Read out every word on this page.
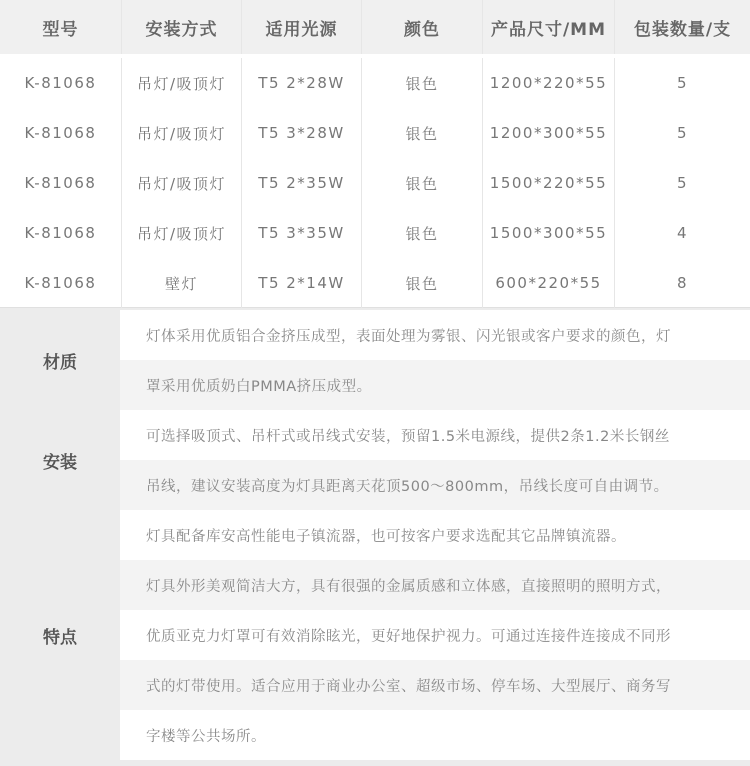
型号	安装方式	适用光源	颜色	产品尺寸/MM	包装数量/支
K-81068	吊灯/吸顶灯	T5 2*28W	银色	1200*220*55	5
K-81068	吊灯/吸顶灯	T5 3*28W	银色	1200*300*55	5
K-81068	吊灯/吸顶灯	T5 2*35W	银色	1500*220*55	5
K-81068	吊灯/吸顶灯	T5 3*35W	银色	1500*300*55	4
K-81068	壁灯	T5 2*14W	银色	600*220*55	8
材质
灯体采用优质铝合金挤压成型，表面处理为雾银、闪光银或客户要求的颜色，灯
罩采用优质奶白PMMA挤压成型。
安装
可选择吸顶式、吊杆式或吊线式安装，预留1.5米电源线，提供2条1.2米长钢丝
吊线，建议安装高度为灯具距离天花顶500～800mm，吊线长度可自由调节。
特点
灯具配备库安高性能电子镇流器，也可按客户要求选配其它品牌镇流器。
灯具外形美观简洁大方，具有很强的金属质感和立体感，直接照明的照明方式，
优质亚克力灯罩可有效消除眩光，更好地保护视力。可通过连接件连接成不同形
式的灯带使用。适合应用于商业办公室、超级市场、停车场、大型展厅、商务写
字楼等公共场所。
